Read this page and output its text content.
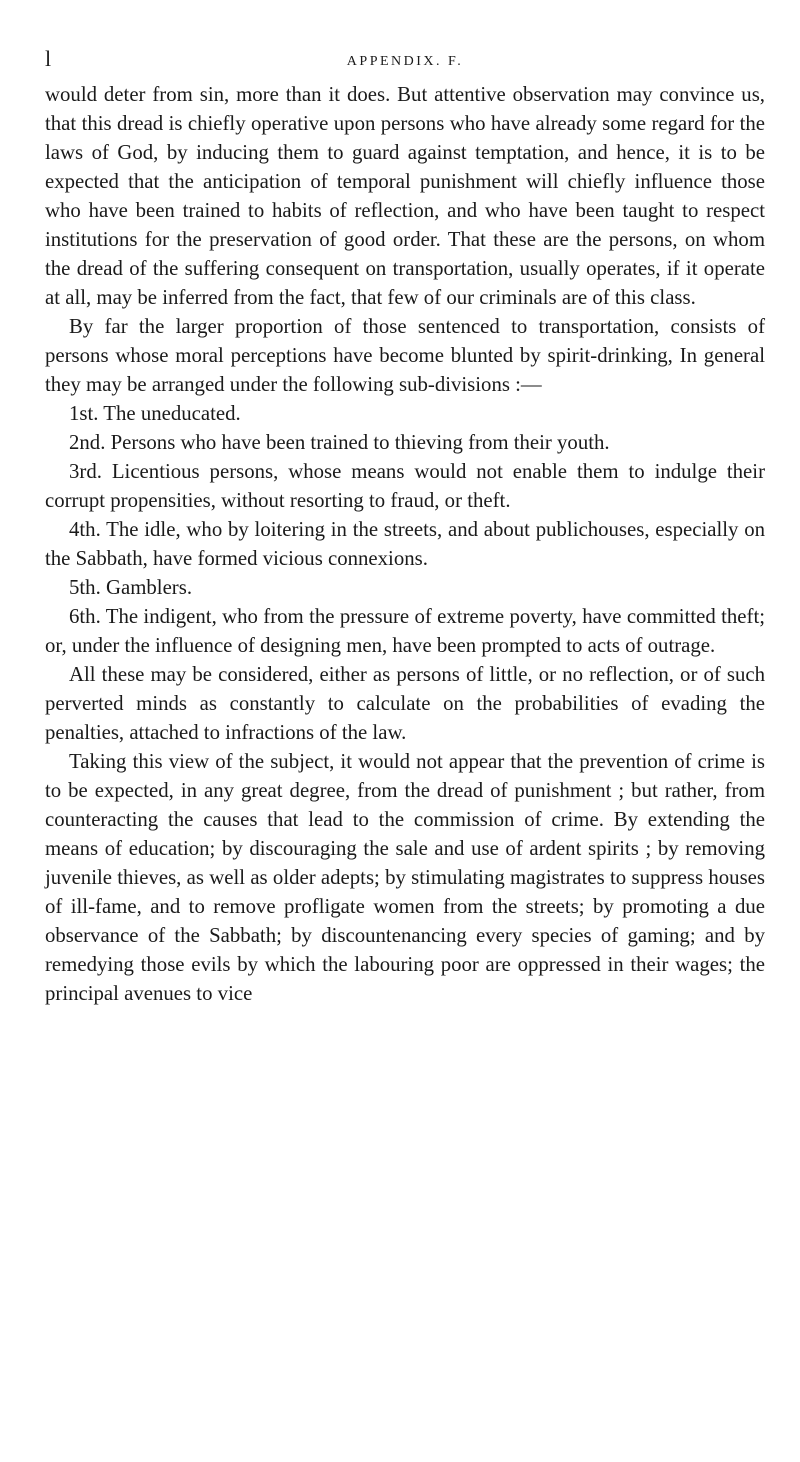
l	APPENDIX. F.

would deter from sin, more than it does. But attentive observation may convince us, that this dread is chiefly operative upon persons who have already some regard for the laws of God, by inducing them to guard against temptation, and hence, it is to be expected that the anticipation of temporal punishment will chiefly influence those who have been trained to habits of reflection, and who have been taught to respect institutions for the preservation of good order. That these are the persons, on whom the dread of the suffering consequent on transportation, usually operates, if it operate at all, may be inferred from the fact, that few of our criminals are of this class.

By far the larger proportion of those sentenced to transportation, consists of persons whose moral perceptions have become blunted by spirit-drinking, In general they may be arranged under the following sub-divisions :—

1st. The uneducated.

2nd. Persons who have been trained to thieving from their youth.

3rd. Licentious persons, whose means would not enable them to indulge their corrupt propensities, without resorting to fraud, or theft.

4th. The idle, who by loitering in the streets, and about publichouses, especially on the Sabbath, have formed vicious connexions.

5th. Gamblers.

6th. The indigent, who from the pressure of extreme poverty, have committed theft; or, under the influence of designing men, have been prompted to acts of outrage.

All these may be considered, either as persons of little, or no reflection, or of such perverted minds as constantly to calculate on the probabilities of evading the penalties, attached to infractions of the law.

Taking this view of the subject, it would not appear that the prevention of crime is to be expected, in any great degree, from the dread of punishment ; but rather, from counteracting the causes that lead to the commission of crime. By extending the means of education; by discouraging the sale and use of ardent spirits ; by removing juvenile thieves, as well as older adepts; by stimulating magistrates to suppress houses of ill-fame, and to remove profligate women from the streets; by promoting a due observance of the Sabbath; by discountenancing every species of gaming; and by remedying those evils by which the labouring poor are oppressed in their wages; the principal avenues to vice
